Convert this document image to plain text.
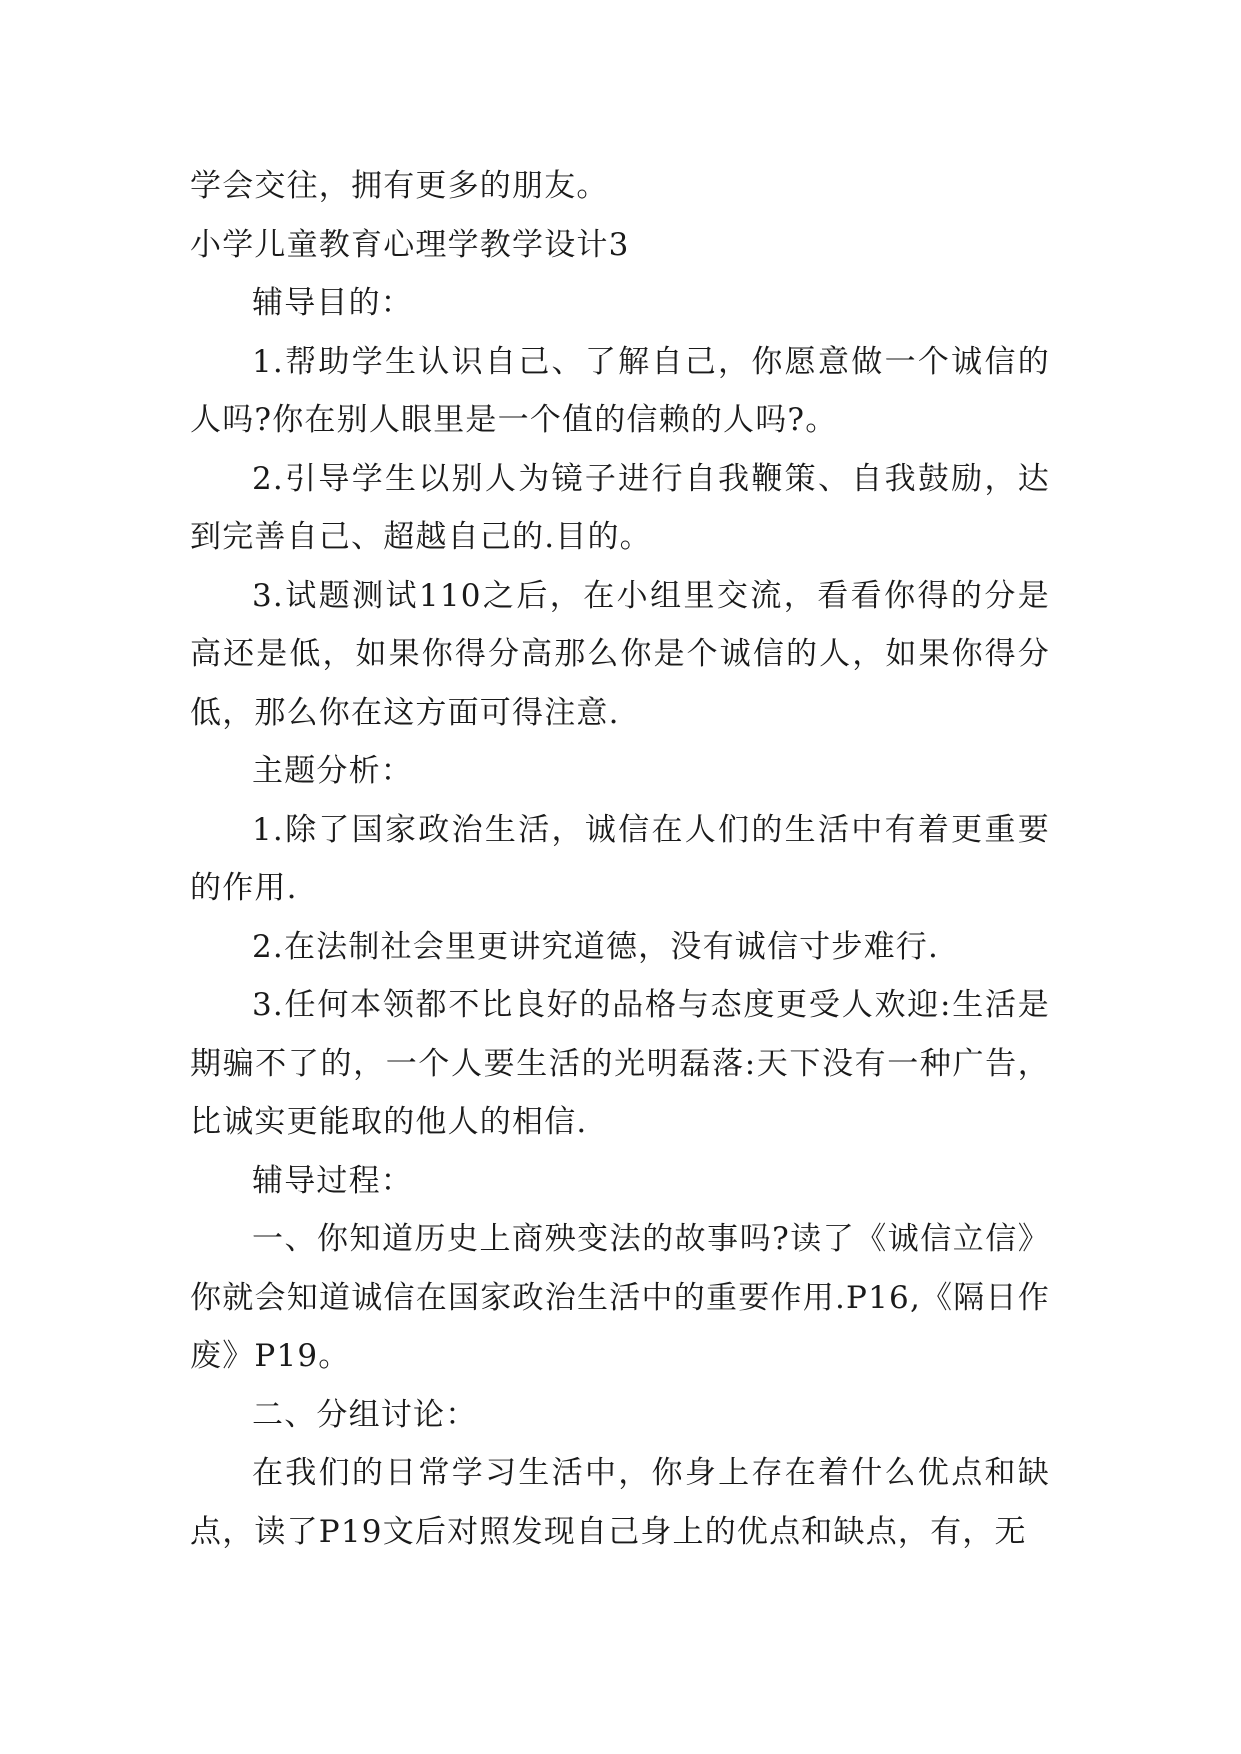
学会交往，拥有更多的朋友。

小学儿童教育心理学教学设计3

辅导目的：

1.帮助学生认识自己、了解自己，你愿意做一个诚信的人吗?你在别人眼里是一个值的信赖的人吗?。

2.引导学生以别人为镜子进行自我鞭策、自我鼓励，达到完善自己、超越自己的.目的。

3.试题测试110之后，在小组里交流，看看你得的分是高还是低，如果你得分高那么你是个诚信的人，如果你得分低，那么你在这方面可得注意.

主题分析：

1.除了国家政治生活，诚信在人们的生活中有着更重要的作用.

2.在法制社会里更讲究道德，没有诚信寸步难行.

3.任何本领都不比良好的品格与态度更受人欢迎:生活是期骗不了的，一个人要生活的光明磊落:天下没有一种广告，比诚实更能取的他人的相信.

辅导过程：

一、你知道历史上商殃变法的故事吗?读了《诚信立信》你就会知道诚信在国家政治生活中的重要作用.P16,《隔日作废》P19。

二、分组讨论：

在我们的日常学习生活中，你身上存在着什么优点和缺点，读了P19文后对照发现自己身上的优点和缺点，有，无
